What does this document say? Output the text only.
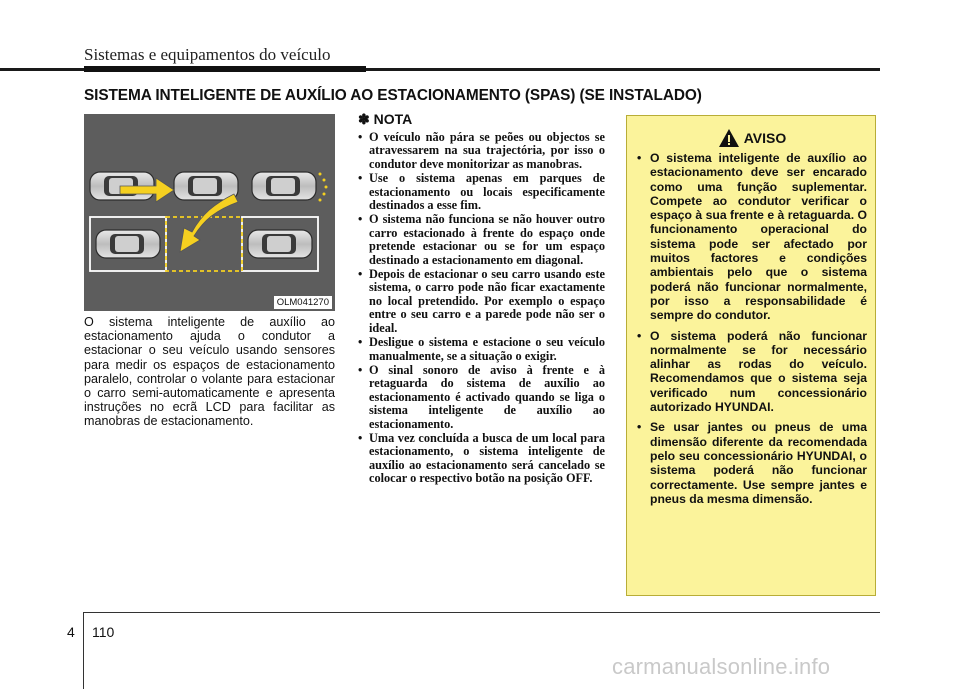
Sistemas e equipamentos do veículo
SISTEMA INTELIGENTE DE AUXÍLIO AO ESTACIONAMENTO (SPAS) (SE INSTALADO)
OLM041270
O sistema inteligente de auxílio ao estacionamento ajuda o condutor a estacionar o seu veículo usando sensores para medir os espaços de estacionamento paralelo, controlar o volante para estacionar o carro semi-automaticamente e apresenta instruções no ecrã LCD para facilitar as manobras de estacionamento.
✽ NOTA
• O veículo não pára se peões ou objectos se atravessarem na sua trajectória, por isso o condutor deve monitorizar as manobras.
• Use o sistema apenas em parques de estacionamento ou locais especificamente destinados a esse fim.
• O sistema não funciona se não houver outro carro estacionado à frente do espaço onde pretende estacionar ou se for um espaço destinado a estacionamento em diagonal.
• Depois de estacionar o seu carro usando este sistema, o carro pode não ficar exactamente no local pretendido. Por exemplo o espaço entre o seu carro e a parede pode não ser o ideal.
• Desligue o sistema e estacione o seu veículo manualmente, se a situação o exigir.
• O sinal sonoro de aviso à frente e à retaguarda do sistema de auxílio ao estacionamento é activado quando se liga o sistema inteligente de auxílio ao estacionamento.
• Uma vez concluída a busca de um local para estacionamento, o sistema inteligente de auxílio ao estacionamento será cancelado se colocar o respectivo botão na posição OFF.
AVISO
• O sistema inteligente de auxílio ao estacionamento deve ser encarado como uma função suplementar. Compete ao condutor verificar o espaço à sua frente e à retaguarda. O funcionamento operacional do sistema pode ser afectado por muitos factores e condições ambientais pelo que o sistema poderá não funcionar normalmente, por isso a responsabilidade é sempre do condutor.
• O sistema poderá não funcionar normalmente se for necessário alinhar as rodas do veículo. Recomendamos que o sistema seja verificado num concessionário autorizado HYUNDAI.
• Se usar jantes ou pneus de uma dimensão diferente da recomendada pelo seu concessionário HYUNDAI, o sistema poderá não funcionar correctamente. Use sempre jantes e pneus da mesma dimensão.
4 110
carmanualsonline.info
